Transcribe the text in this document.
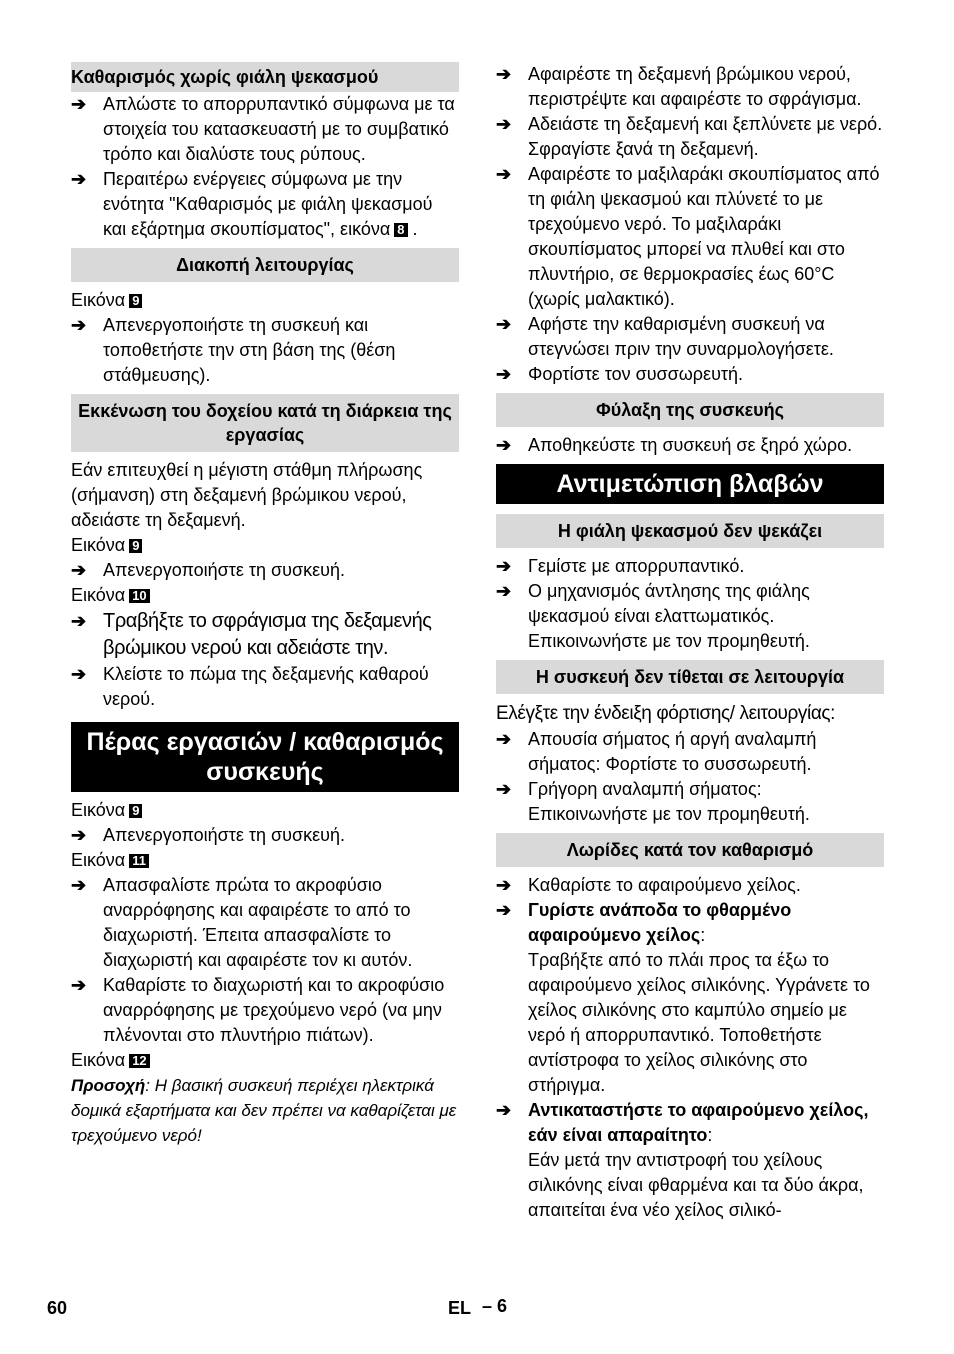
Καθαρισμός χωρίς φιάλη ψεκασμού
➔ Απλώστε το απορρυπαντικό σύμφωνα με τα στοιχεία του κατασκευαστή με το συμβατικό τρόπο και διαλύστε τους ρύπους.
➔ Περαιτέρω ενέργειες σύμφωνα με την ενότητα "Καθαρισμός με φιάλη ψεκασμού και εξάρτημα σκουπίσματος", εικόνα 8 .
Διακοπή λειτουργίας

Εικόνα 9

➔ Απενεργοποιήστε τη συσκευή και τοποθετήστε την στη βάση της (θέση στάθμευσης).
Εκκένωση του δοχείου κατά τη διάρκεια της εργασίας

Εάν επιτευχθεί η μέγιστη στάθμη πλήρωσης (σήμανση) στη δεξαμενή βρώμικου νερού, αδειάστε τη δεξαμενή.

Εικόνα 9

➔ Απενεργοποιήστε τη συσκευή.

Εικόνα 10

➔ Τραβήξτε το σφράγισμα της δεξαμενής βρώμικου νερού και αδειάστε την.
➔ Κλείστε το πώμα της δεξαμενής καθαρού νερού.
Πέρας εργασιών / καθαρισμός συσκευής

Εικόνα 9

➔ Απενεργοποιήστε τη συσκευή.

Εικόνα 11

➔ Απασφαλίστε πρώτα το ακροφύσιο αναρρόφησης και αφαιρέστε το από το διαχωριστή. Έπειτα απασφαλίστε το διαχωριστή και αφαιρέστε τον κι αυτόν.
➔ Καθαρίστε το διαχωριστή και το ακροφύσιο αναρρόφησης με τρεχούμενο νερό (να μην πλένονται στο πλυντήριο πιάτων).

Εικόνα 12

Προσοχή: Η βασική συσκευή περιέχει ηλεκτρικά δομικά εξαρτήματα και δεν πρέπει να καθαρίζεται με τρεχούμενο νερό!

➔ Αφαιρέστε τη δεξαμενή βρώμικου νερού, περιστρέψτε και αφαιρέστε το σφράγισμα.
➔ Αδειάστε τη δεξαμενή και ξεπλύνετε με νερό. Σφραγίστε ξανά τη δεξαμενή.
➔ Αφαιρέστε το μαξιλαράκι σκουπίσματος από τη φιάλη ψεκασμού και πλύνετέ το με τρεχούμενο νερό. Το μαξιλαράκι σκουπίσματος μπορεί να πλυθεί και στο πλυντήριο, σε θερμοκρασίες έως 60°C (χωρίς μαλακτικό).
➔ Αφήστε την καθαρισμένη συσκευή να στεγνώσει πριν την συναρμολογήσετε.
➔ Φορτίστε τον συσσωρευτή.
Φύλαξη της συσκευής
➔ Αποθηκεύστε τη συσκευή σε ξηρό χώρο.
Αντιμετώπιση βλαβών
Η φιάλη ψεκασμού δεν ψεκάζει
➔ Γεμίστε με απορρυπαντικό.
➔ Ο μηχανισμός άντλησης της φιάλης ψεκασμού είναι ελαττωματικός. Επικοινωνήστε με τον προμηθευτή.
Η συσκευή δεν τίθεται σε λειτουργία

Ελέγξτε την ένδειξη φόρτισης/ λειτουργίας:

➔ Απουσία σήματος ή αργή αναλαμπή σήματος: Φορτίστε το συσσωρευτή.
➔ Γρήγορη αναλαμπή σήματος: Επικοινωνήστε με τον προμηθευτή.
Λωρίδες κατά τον καθαρισμό
➔ Καθαρίστε το αφαιρούμενο χείλος.
➔ Γυρίστε ανάποδα το φθαρμένο αφαιρούμενο χείλος:
Τραβήξτε από το πλάι προς τα έξω το αφαιρούμενο χείλος σιλικόνης. Υγράνετε το χείλος σιλικόνης στο καμπύλο σημείο με νερό ή απορρυπαντικό. Τοποθετήστε αντίστροφα το χείλος σιλικόνης στο στήριγμα.
➔ Αντικαταστήστε το αφαιρούμενο χείλος, εάν είναι απαραίτητο:
Εάν μετά την αντιστροφή του χείλους σιλικόνης είναι φθαρμένα και τα δύο άκρα, απαιτείται ένα νέο χείλος σιλικό-
60	EL – 6
